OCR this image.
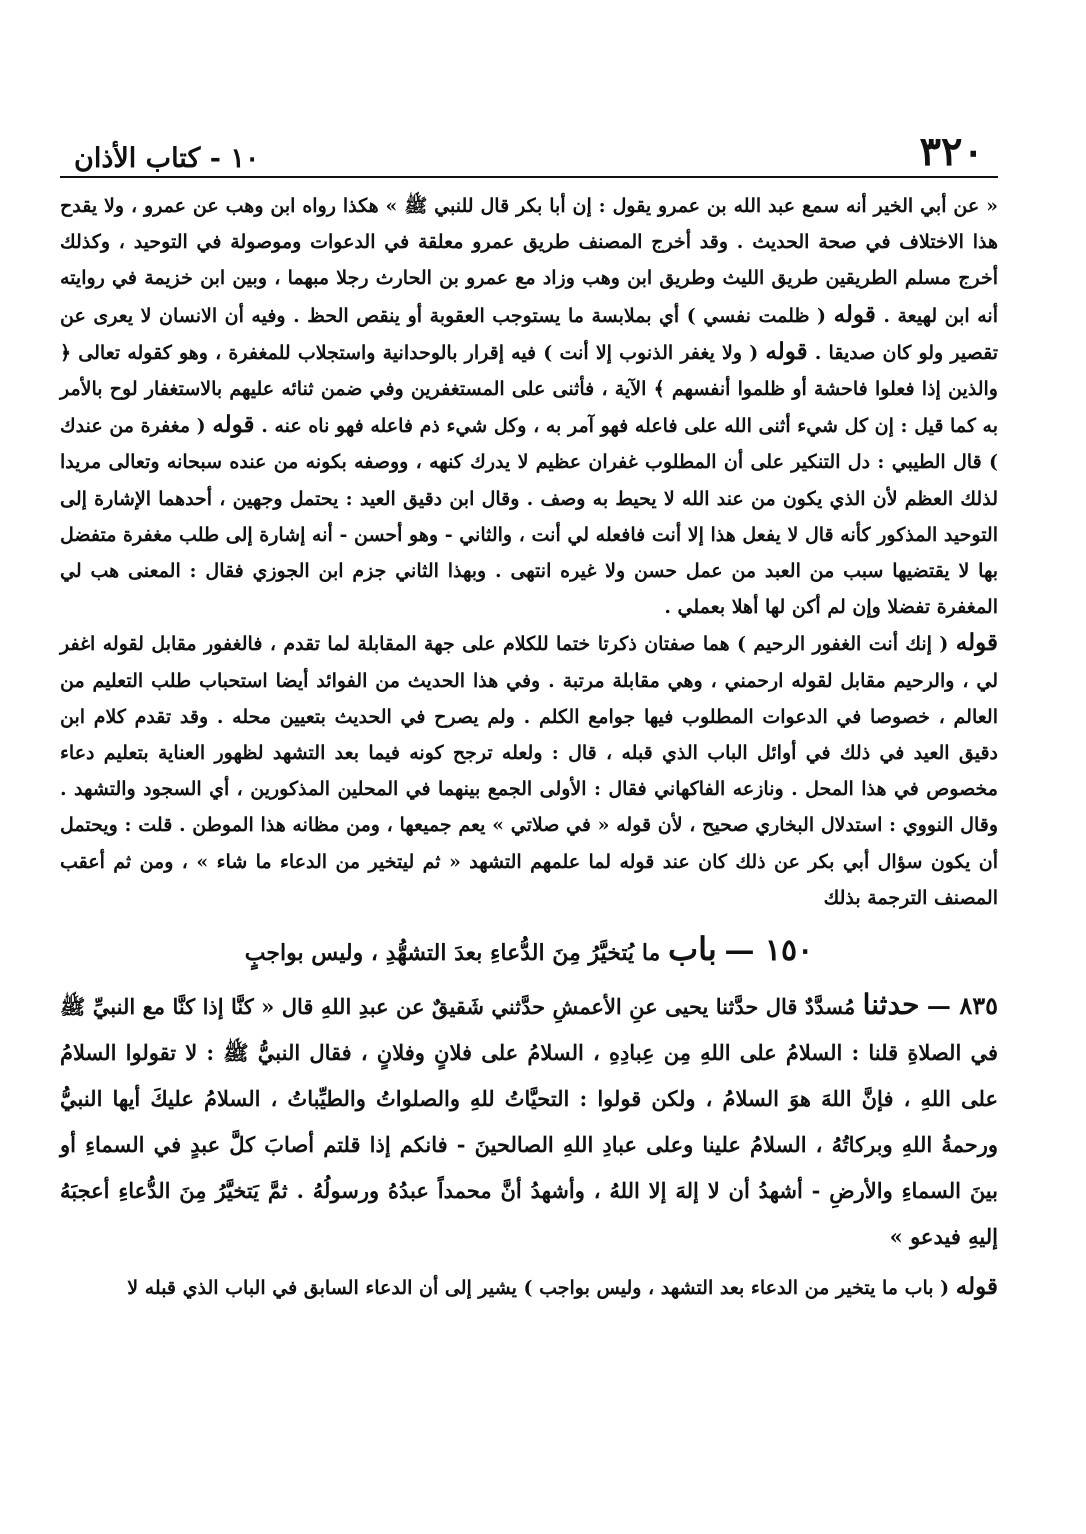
٣٢٠
١٠ - كتاب الأذان

« عن أبي الخير أنه سمع عبد الله بن عمرو يقول : إن أبا بكر قال للنبي ﷺ » هكذا رواه ابن وهب عن عمرو ، ولا يقدح هذا الاختلاف في صحة الحديث . وقد أخرج المصنف طريق عمرو معلقة في الدعوات وموصولة في التوحيد ، وكذلك أخرج مسلم الطريقين طريق الليث وطريق ابن وهب وزاد مع عمرو بن الحارث رجلا مبهما ، وبين ابن خزيمة في روايته أنه ابن لهيعة . قوله ( ظلمت نفسي ) أي بملابسة ما يستوجب العقوبة أو ينقص الحظ . وفيه أن الانسان لا يعرى عن تقصير ولو كان صديقا . قوله ( ولا يغفر الذنوب إلا أنت ) فيه إقرار بالوحدانية واستجلاب للمغفرة ، وهو كقوله تعالى ﴿ والذين إذا فعلوا فاحشة أو ظلموا أنفسهم ﴾ الآية ، فأثنى على المستغفرين وفي ضمن ثنائه عليهم بالاستغفار لوح بالأمر به كما قيل : إن كل شيء أثنى الله على فاعله فهو آمر به ، وكل شيء ذم فاعله فهو ناه عنه . قوله ( مغفرة من عندك ) قال الطيبي : دل التنكير على أن المطلوب غفران عظيم لا يدرك كنهه ، ووصفه بكونه من عنده سبحانه وتعالى مريدا لذلك العظم لأن الذي يكون من عند الله لا يحيط به وصف . وقال ابن دقيق العيد : يحتمل وجهين ، أحدهما الإشارة إلى التوحيد المذكور كأنه قال لا يفعل هذا إلا أنت فافعله لي أنت ، والثاني - وهو أحسن - أنه إشارة إلى طلب مغفرة متفضل بها لا يقتضيها سبب من العبد من عمل حسن ولا غيره انتهى . وبهذا الثاني جزم ابن الجوزي فقال : المعنى هب لي المغفرة تفضلا وإن لم أكن لها أهلا بعملي .

قوله ( إنك أنت الغفور الرحيم ) هما صفتان ذكرتا ختما للكلام على جهة المقابلة لما تقدم ، فالغفور مقابل لقوله اغفر لي ، والرحيم مقابل لقوله ارحمني ، وهي مقابلة مرتبة . وفي هذا الحديث من الفوائد أيضا استحباب طلب التعليم من العالم ، خصوصا في الدعوات المطلوب فيها جوامع الكلم . ولم يصرح في الحديث بتعيين محله . وقد تقدم كلام ابن دقيق العيد في ذلك في أوائل الباب الذي قبله ، قال : ولعله ترجح كونه فيما بعد التشهد لظهور العناية بتعليم دعاء مخصوص في هذا المحل . ونازعه الفاكهاني فقال : الأولى الجمع بينهما في المحلين المذكورين ، أي السجود والتشهد . وقال النووي : استدلال البخاري صحيح ، لأن قوله « في صلاتي » يعم جميعها ، ومن مظانه هذا الموطن . قلت : ويحتمل أن يكون سؤال أبي بكر عن ذلك كان عند قوله لما علمهم التشهد « ثم ليتخير من الدعاء ما شاء » ، ومن ثم أعقب المصنف الترجمة بذلك

١٥٠ — باب ما يُتخيَّرُ مِنَ الدُّعاءِ بعدَ التشهُّدِ ، وليس بواجبٍ

٨٣٥ — حدثنا مُسدَّدٌ قال حدَّثنا يحيى عنِ الأعمشِ حدَّثني شَقيقٌ عن عبدِ اللهِ قال « كنَّا إذا كنَّا مع النبيِّ ﷺ في الصلاةِ قلنا : السلامُ على اللهِ مِن عِبادِهِ ، السلامُ على فلانٍ وفلانٍ ، فقال النبيُّ ﷺ : لا تقولوا السلامُ على اللهِ ، فإنَّ اللهَ هوَ السلامُ ، ولكن قولوا : التحيَّاتُ للهِ والصلواتُ والطيِّباتُ ، السلامُ عليكَ أيها النبيُّ ورحمةُ اللهِ وبركاتُهُ ، السلامُ علينا وعلى عبادِ اللهِ الصالحينَ - فانكم إذا قلتم أصابَ كلَّ عبدٍ في السماءِ أو بينَ السماءِ والأرضِ - أشهدُ أن لا إلهَ إلا اللهُ ، وأشهدُ أنَّ محمداً عبدُهُ ورسولُهُ . ثمَّ يَتخيَّرُ مِنَ الدُّعاءِ أعجبَهُ إليهِ فيدعو »

قوله ( باب ما يتخير من الدعاء بعد التشهد ، وليس بواجب ) يشير إلى أن الدعاء السابق في الباب الذي قبله لا
